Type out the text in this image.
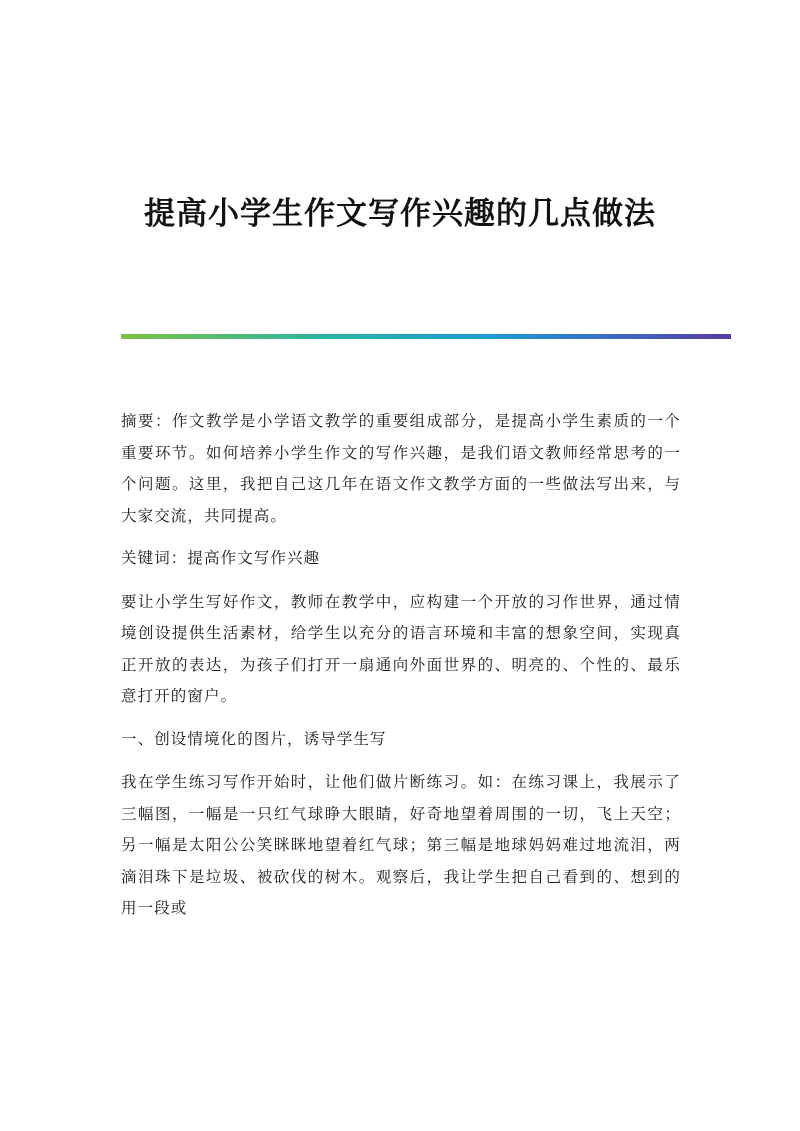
提高小学生作文写作兴趣的几点做法

摘要：作文教学是小学语文教学的重要组成部分，是提高小学生素质的一个重要环节。如何培养小学生作文的写作兴趣，是我们语文教师经常思考的一个问题。这里，我把自己这几年在语文作文教学方面的一些做法写出来，与大家交流，共同提高。

关键词：提高作文写作兴趣

要让小学生写好作文，教师在教学中，应构建一个开放的习作世界，通过情境创设提供生活素材，给学生以充分的语言环境和丰富的想象空间，实现真正开放的表达，为孩子们打开一扇通向外面世界的、明亮的、个性的、最乐意打开的窗户。

一、创设情境化的图片，诱导学生写

我在学生练习写作开始时，让他们做片断练习。如：在练习课上，我展示了三幅图，一幅是一只红气球睁大眼睛，好奇地望着周围的一切，飞上天空；另一幅是太阳公公笑眯眯地望着红气球；第三幅是地球妈妈难过地流泪，两滴泪珠下是垃圾、被砍伐的树木。观察后，我让学生把自己看到的、想到的用一段或
